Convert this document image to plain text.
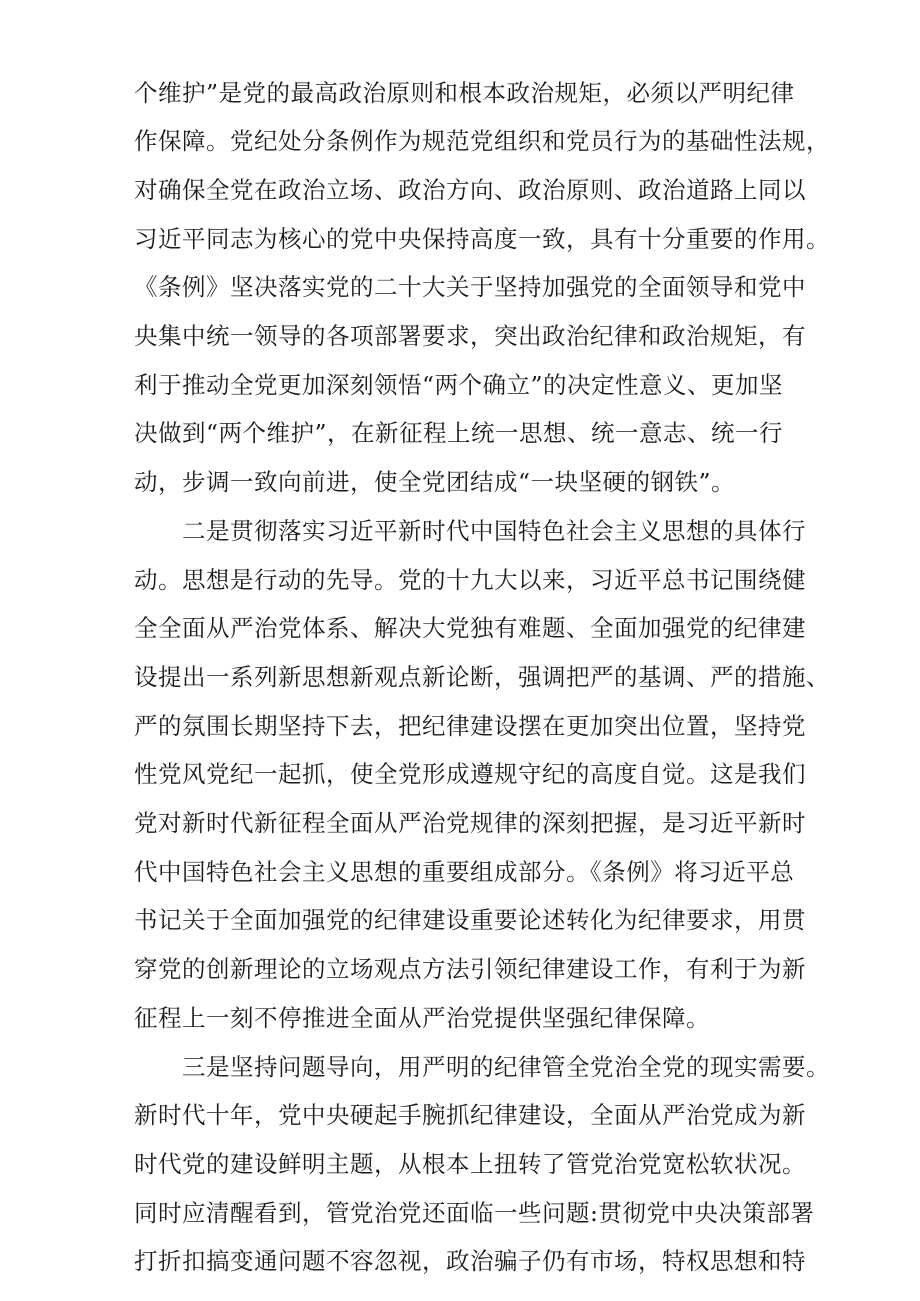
个维护”是党的最高政治原则和根本政治规矩，必须以严明纪律
作保障。党纪处分条例作为规范党组织和党员行为的基础性法规，
对确保全党在政治立场、政治方向、政治原则、政治道路上同以
习近平同志为核心的党中央保持高度一致，具有十分重要的作用。
《条例》坚决落实党的二十大关于坚持加强党的全面领导和党中
央集中统一领导的各项部署要求，突出政治纪律和政治规矩，有
利于推动全党更加深刻领悟“两个确立”的决定性意义、更加坚
决做到“两个维护”，在新征程上统一思想、统一意志、统一行
动，步调一致向前进，使全党团结成“一块坚硬的钢铁”。
二是贯彻落实习近平新时代中国特色社会主义思想的具体行
动。思想是行动的先导。党的十九大以来，习近平总书记围绕健
全全面从严治党体系、解决大党独有难题、全面加强党的纪律建
设提出一系列新思想新观点新论断，强调把严的基调、严的措施、
严的氛围长期坚持下去，把纪律建设摆在更加突出位置，坚持党
性党风党纪一起抓，使全党形成遵规守纪的高度自觉。这是我们
党对新时代新征程全面从严治党规律的深刻把握，是习近平新时
代中国特色社会主义思想的重要组成部分。《条例》将习近平总
书记关于全面加强党的纪律建设重要论述转化为纪律要求，用贯
穿党的创新理论的立场观点方法引领纪律建设工作，有利于为新
征程上一刻不停推进全面从严治党提供坚强纪律保障。
三是坚持问题导向，用严明的纪律管全党治全党的现实需要。
新时代十年，党中央硬起手腕抓纪律建设，全面从严治党成为新
时代党的建设鲜明主题，从根本上扭转了管党治党宽松软状况。
同时应清醒看到，管党治党还面临一些问题:贯彻党中央决策部署
打折扣搞变通问题不容忽视，政治骗子仍有市场，特权思想和特
